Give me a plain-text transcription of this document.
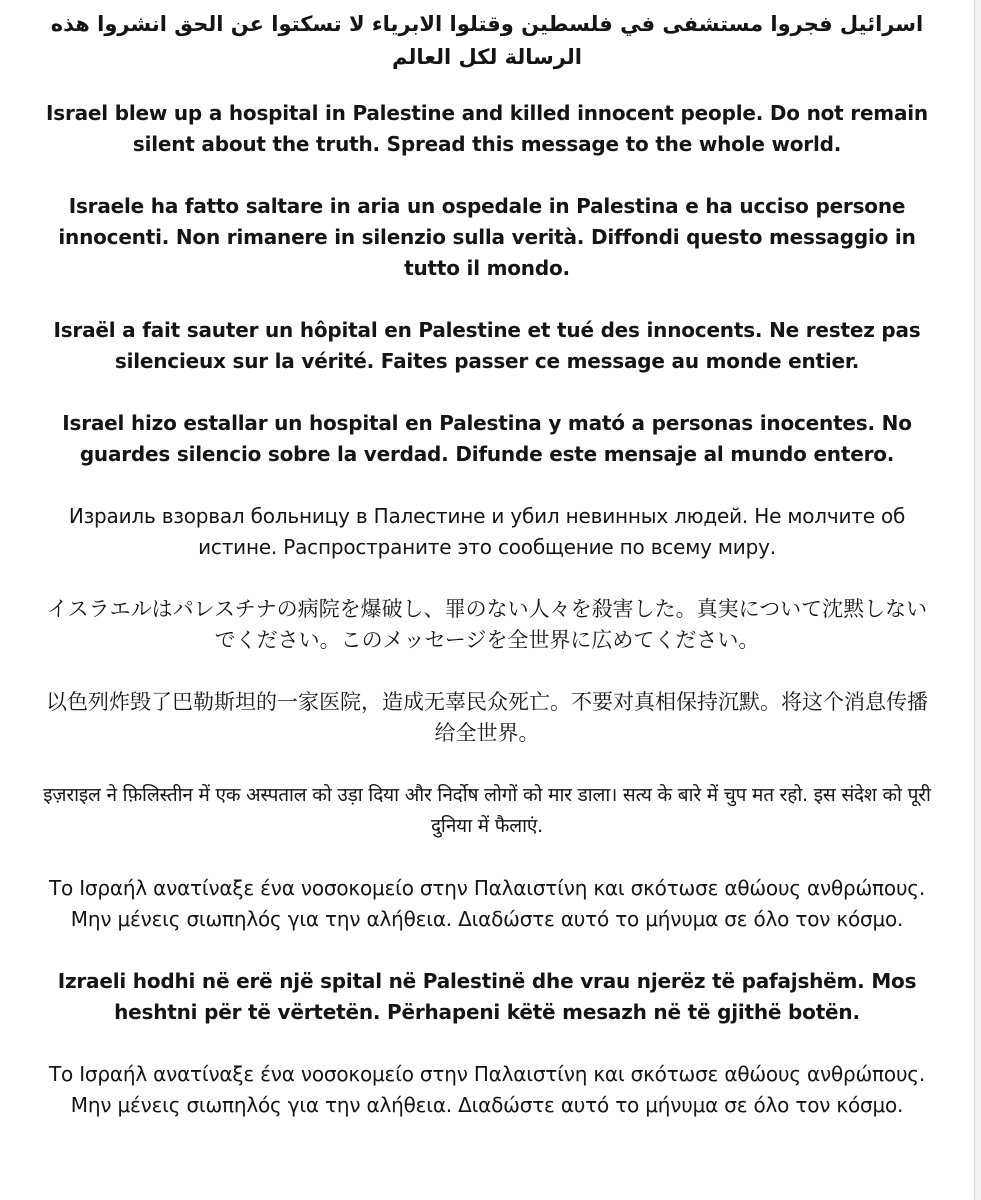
اسرائيل فجروا مستشفى في فلسطين وقتلوا الابرياء لا تسكتوا عن الحق انشروا هذه الرسالة لكل العالم

Israel blew up a hospital in Palestine and killed innocent people. Do not remain silent about the truth. Spread this message to the whole world.

Israele ha fatto saltare in aria un ospedale in Palestina e ha ucciso persone innocenti. Non rimanere in silenzio sulla verità. Diffondi questo messaggio in tutto il mondo.

Israël a fait sauter un hôpital en Palestine et tué des innocents. Ne restez pas silencieux sur la vérité. Faites passer ce message au monde entier.

Israel hizo estallar un hospital en Palestina y mató a personas inocentes. No guardes silencio sobre la verdad. Difunde este mensaje al mundo entero.

Израиль взорвал больницу в Палестине и убил невинных людей. Не молчите об истине. Распространите это сообщение по всему миру.

イスラエルはパレスチナの病院を爆破し、罪のない人々を殺害した。真実について沈黙しないでください。このメッセージを全世界に広めてください。

以色列炸毁了巴勒斯坦的一家医院，造成无辜民众死亡。不要对真相保持沉默。将这个消息传播给全世界。

इज़राइल ने फ़िलिस्तीन में एक अस्पताल को उड़ा दिया और निर्दोष लोगों को मार डाला। सत्य के बारे में चुप मत रहो. इस संदेश को पूरी दुनिया में फैलाएं.

Το Ισραήλ ανατίναξε ένα νοσοκομείο στην Παλαιστίνη και σκότωσε αθώους ανθρώπους. Μην μένεις σιωπηλός για την αλήθεια. Διαδώστε αυτό το μήνυμα σε όλο τον κόσμο.

Izraeli hodhi në erë një spital në Palestinë dhe vrau njerëz të pafajshëm. Mos heshtni për të vërtetën. Përhapeni këtë mesazh në të gjithë botën.

Το Ισραήλ ανατίναξε ένα νοσοκομείο στην Παλαιστίνη και σκότωσε αθώους ανθρώπους. Μην μένεις σιωπηλός για την αλήθεια. Διαδώστε αυτό το μήνυμα σε όλο τον κόσμο.
